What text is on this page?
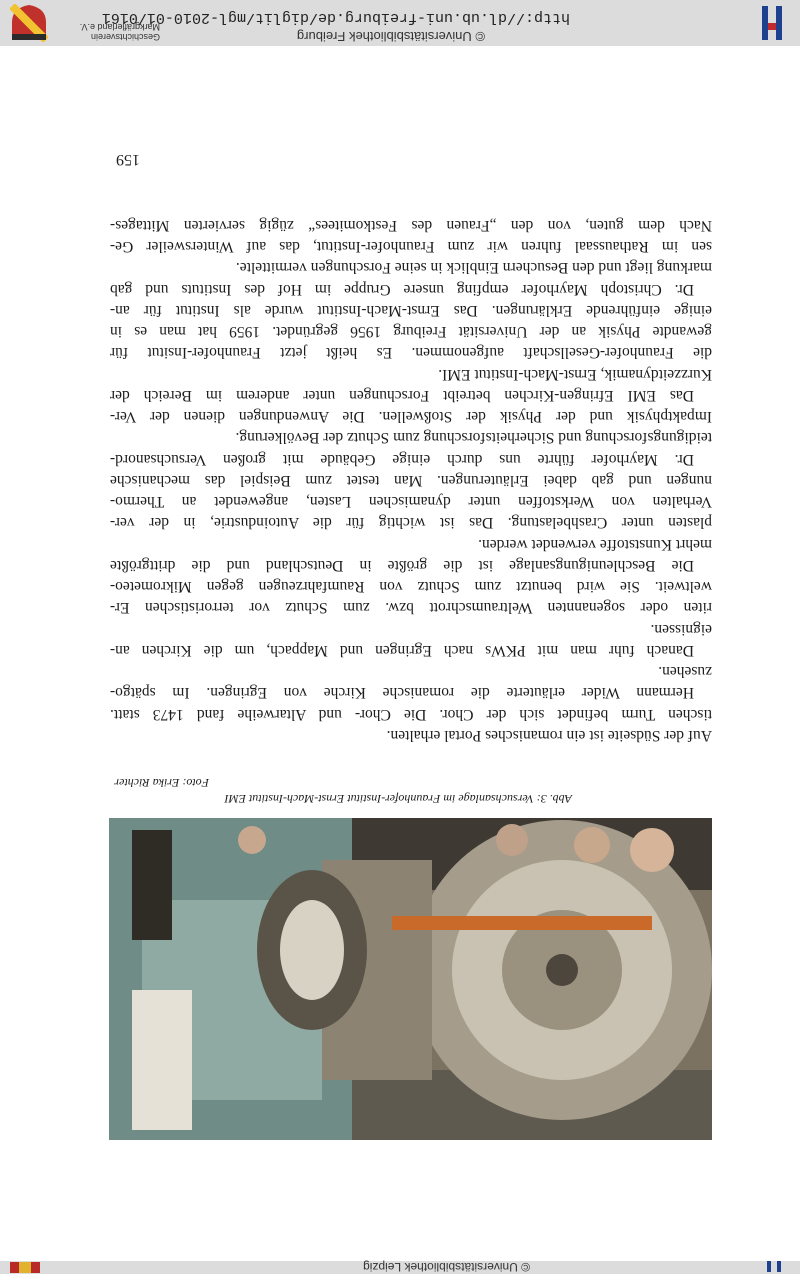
© Universitätsbibliothek Leipzig
159
Auf der Südseite ist ein romanisches Portal erhalten.
tischen Turm befindet sich der Chor. Die Chor- und Altarweihe fand 1473 statt.
Hermann Wider erläuterte die romanische Kirche von Egringen. Im spätgo-
zusehen.
Danach fuhr man mit PKWs nach Egringen und Mappach, um die Kirchen an-
eignissen.
riten oder sogenannten Weltraumschrott bzw. zum Schutz vor terroristischen Er-
weltweit. Sie wird benutzt zum Schutz von Raumfahrzeugen gegen Mikrometeo-
Die Beschleunigungsanlage ist die größte in Deutschland und die drittgrößte
mehrt Kunststoffe verwendet werden.
plasten unter Crashbelastung. Das ist wichtig für die Autoindustrie, in der ver-
Verhalten von Werkstoffen unter dynamischen Lasten, angewendet an Thermo-
nungen und gab dabei Erläuterungen. Man testet zum Beispiel das mechanische
Dr. Mayrhofer führte uns durch einige Gebäude mit großen Versuchsanord-
teidigungsforschung und Sicherheitsforschung zum Schutz der Bevölkerung.
Impaktphysik und der Physik der Stoßwellen. Die Anwendungen dienen der Ver-
Das EMI Efringen-Kirchen betreibt Forschungen unter anderem im Bereich der
Kurzzeitdynamik, Ernst-Mach-Institut EMI.
die Fraunhofer-Gesellschaft aufgenommen. Es heißt jetzt Fraunhofer-Insitut für
gewandte Physik an der Universität Freiburg 1956 gegründet. 1959 hat man es in
einige einführende Erklärungen. Das Ernst-Mach-Institut wurde als Institut für an-
Dr. Christoph Mayrhofer empfing unsere Gruppe im Hof des Instituts und gab
markung liegt und den Besuchern Einblick in seine Forschungen vermittelte.
sen im Rathaussaal fuhren wir zum Fraunhofer-Institut, das auf Wintersweiler Ge-
Nach dem guten, von den „Frauen des Festkomitees“ zügig servierten Mittages-
Foto: Erika Richter
Abb. 3: Versuchsanlage im Fraunhofer-Institut Ernst-Mach-Institut EMI
© Universitätsbibliothek Freiburg
http://dl.ub.uni-freiburg.de/diglit/mgl-2010-01/0161
Geschichtsverein
Markgräflerland e.V.
